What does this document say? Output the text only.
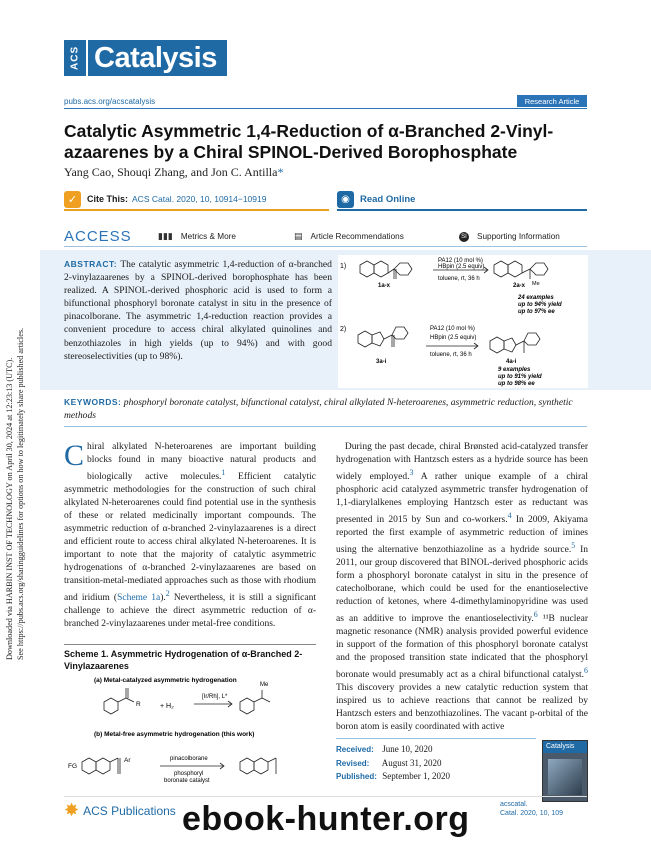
Downloaded via HARBIN INST OF TECHNOLOGY on April 30, 2024 at 12:23:13 (UTC). See https://pubs.acs.org/sharingguidelines for options on how to legitimately share published articles.
ACS Catalysis
pubs.acs.org/acscatalysis	Research Article
Catalytic Asymmetric 1,4-Reduction of α-Branched 2-Vinyl-azaarenes by a Chiral SPINOL-Derived Borophosphate
Yang Cao, Shouqi Zhang, and Jon C. Antilla*
✓	Cite This: ACS Catal. 2020, 10, 10914−10919	◉	Read Online
ACCESS	▮▮▮ Metrics & More	▤ Article Recommendations	SI Supporting Information

ABSTRACT: The catalytic asymmetric 1,4-reduction of α-branched 2-vinylazaarenes by a SPINOL-derived borophosphate has been realized. A SPINOL-derived phosphoric acid is used to form a bifunctional phosphoryl boronate catalyst in situ in the presence of pinacolborane. The asymmetric 1,4-reduction reaction provides a convenient procedure to access chiral alkylated quinolines and benzothiazoles in high yields (up to 94%) and with good stereoselectivities (up to 98%).

1)
1a-x
PA12 (10 mol %)
HBpin (2.5 equiv)
toluene, rt, 36 h
2a-x Me
24 examples
up to 94% yield
up to 97% ee
2)
3a-i
PA12 (10 mol %)
HBpin (2.5 equiv)
toluene, rt, 36 h
4a-i
9 examples
up to 91% yield
up to 98% ee

KEYWORDS: phosphoryl boronate catalyst, bifunctional catalyst, chiral alkylated N-heteroarenes, asymmetric reduction, synthetic methods

Chiral alkylated N-heteroarenes are important building blocks found in many bioactive natural products and biologically active molecules.$^1$ Efficient catalytic asymmetric methodologies for the construction of such chiral alkylated N-heteroarenes could find potential use in the synthesis of these or related medicinally important compounds. The asymmetric reduction of α-branched 2-vinylazaarenes is a direct and efficient route to access chiral alkylated N-heteroarenes. It is important to note that the majority of catalytic asymmetric hydrogenations of α-branched 2-vinylazaarenes are based on transition-metal-mediated approaches such as those with rhodium and iridium (Scheme 1a).$^2$ Nevertheless, it is still a significant challenge to achieve the direct asymmetric reduction of α-branched 2-vinylazaarenes under metal-free conditions.
During the past decade, chiral Brønsted acid-catalyzed transfer hydrogenation with Hantzsch esters as a hydride source has been widely employed.$^3$ A rather unique example of a chiral phosphoric acid catalyzed asymmetric transfer hydrogenation of 1,1-diarylalkenes employing Hantzsch ester as reductant was presented in 2015 by Sun and co-workers.$^4$ In 2009, Akiyama reported the first example of asymmetric reduction of imines using the alternative benzothiazoline as a hydride source.$^5$ In 2011, our group discovered that BINOL-derived phosphoric acids form a phosphoryl boronate catalyst in situ in the presence of catecholborane, which could be used for the enantioselective reduction of ketones, where 4-dimethylaminopyridine was used as an additive to improve the enantioselectivity.$^6$ ¹¹B nuclear magnetic resonance (NMR) analysis provided powerful evidence in support of the formation of this phosphoryl boronate catalyst and the proposed transition state indicated that the phosphoryl boronate would presumably act as a chiral bifunctional catalyst.$^6$ This discovery provides a new catalytic reduction system that inspired us to achieve reactions that cannot be realized by Hantzsch esters and benzothiazolines. The vacant p-orbital of the boron atom is easily coordinated with active
Scheme 1. Asymmetric Hydrogenation of α-Branched 2-Vinylazaarenes
(a) Metal-catalyzed asymmetric hydrogenation
[Ir/Rh], L*
+ H₂
R
Me
(b) Metal-free asymmetric hydrogenation (this work)
pinacolborane
phosphoryl
boronate catalyst
FG
Ar
Received: June 10, 2020
Revised: August 31, 2020
Published: September 1, 2020
Catalysis
✸ ACS Publications	acscatal.
Catal. 2020, 10, 109
ebook-hunter.org
